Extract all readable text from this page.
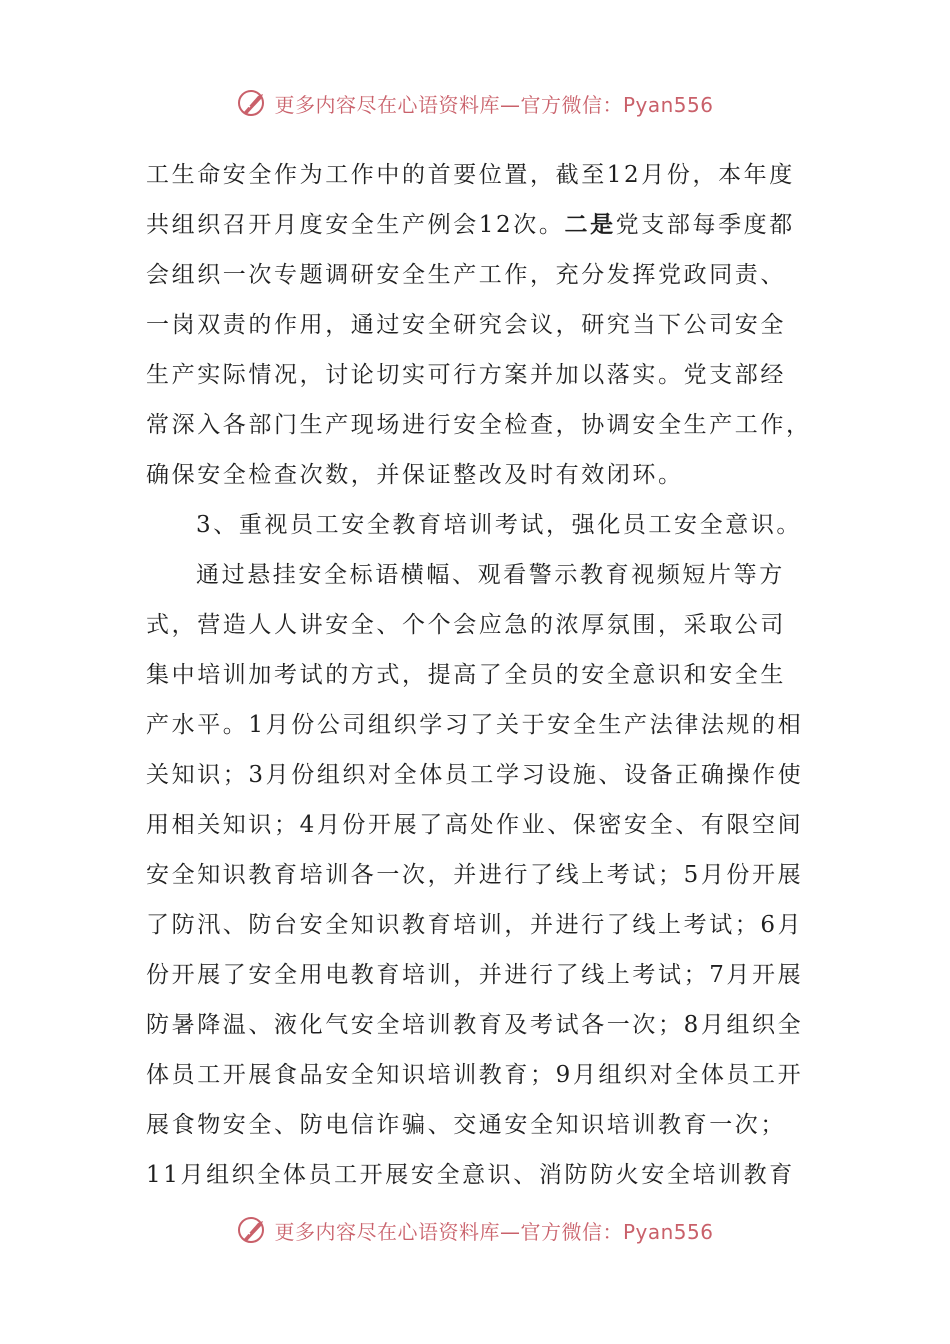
更多内容尽在心语资料库—官方微信：Pyan556
工生命安全作为工作中的首要位置，截至12月份，本年度
共组织召开月度安全生产例会12次。二是党支部每季度都
会组织一次专题调研安全生产工作，充分发挥党政同责、
一岗双责的作用，通过安全研究会议，研究当下公司安全
生产实际情况，讨论切实可行方案并加以落实。党支部经
常深入各部门生产现场进行安全检查，协调安全生产工作，
确保安全检查次数，并保证整改及时有效闭环。
3、重视员工安全教育培训考试，强化员工安全意识。
通过悬挂安全标语横幅、观看警示教育视频短片等方
式，营造人人讲安全、个个会应急的浓厚氛围，采取公司
集中培训加考试的方式，提高了全员的安全意识和安全生
产水平。1月份公司组织学习了关于安全生产法律法规的相
关知识；3月份组织对全体员工学习设施、设备正确操作使
用相关知识；4月份开展了高处作业、保密安全、有限空间
安全知识教育培训各一次，并进行了线上考试；5月份开展
了防汛、防台安全知识教育培训，并进行了线上考试；6月
份开展了安全用电教育培训，并进行了线上考试；7月开展
防暑降温、液化气安全培训教育及考试各一次；8月组织全
体员工开展食品安全知识培训教育；9月组织对全体员工开
展食物安全、防电信诈骗、交通安全知识培训教育一次；
11月组织全体员工开展安全意识、消防防火安全培训教育
更多内容尽在心语资料库—官方微信：Pyan556
